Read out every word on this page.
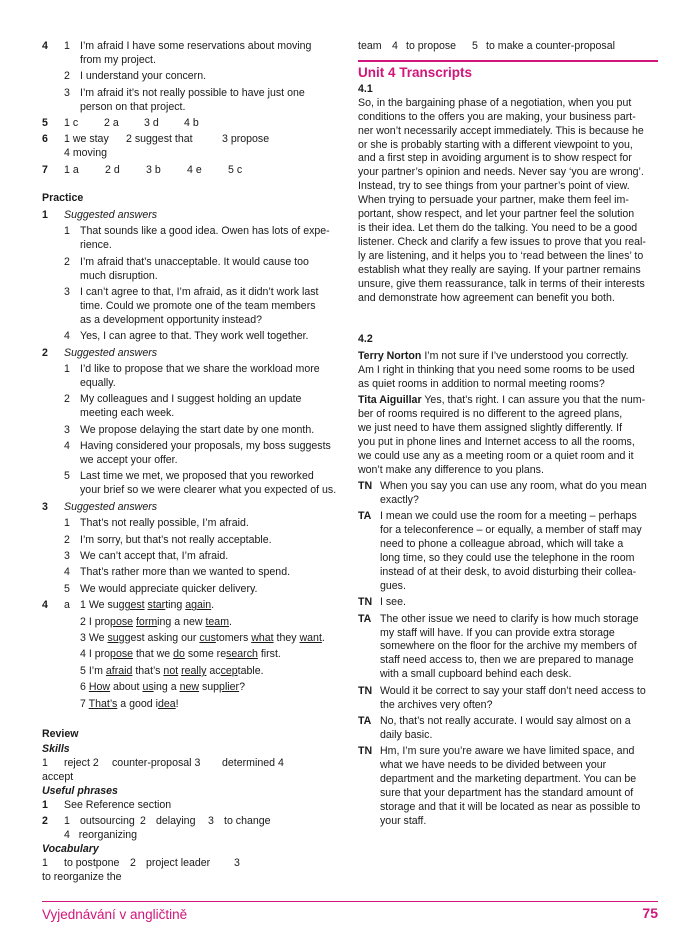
4	1 I’m afraid I have some reservations about moving
from my project.
2 I understand your concern.
3 I’m afraid it’s not really possible to have just one
person on that project.
5	1 c 2 a 3 d 4 b
6	1 we stay 2 suggest that	3 propose
4 moving
7	1 a 2 d 3 b 4 e 5 c
Practice
1	Suggested answers
1 That sounds like a good idea. Owen has lots of expe-
rience.
2 I’m afraid that’s unacceptable. It would cause too
much disruption.
3 I can’t agree to that, I’m afraid, as it didn’t work last
time. Could we promote one of the team members
as a development opportunity instead?
4 Yes, I can agree to that. They work well together.
2	Suggested answers
1 I’d like to propose that we share the workload more
equally.
2 My colleagues and I suggest holding an update
meeting each week.
3 We propose delaying the start date by one month.
4 Having considered your proposals, my boss suggests
we accept your offer.
5 Last time we met, we proposed that you reworked
your brief so we were clearer what you expected of us.
3	Suggested answers
1 That’s not really possible, I’m afraid.
2 I’m sorry, but that’s not really acceptable.
3 We can’t accept that, I’m afraid.
4 That’s rather more than we wanted to spend.
5 We would appreciate quicker delivery.
4	a 1 We suggest starting again.
2 I propose forming a new team.
3 We suggest asking our customers what they want.
4 I propose that we do some research first.
5 I’m afraid that’s not really acceptable.
6 How about using a new supplier?
7 That’s a good idea!
Review
Skills
1 reject 2 counter-proposal 3 determined 4accept
Useful phrases
1	See Reference section
2	1 outsourcing 2 delaying 3 to change
4   reorganizing
Vocabulary
1 to postpone 2 project leader 3to reorganize the
team 4 to propose 5 to make a counter-proposal
Unit 4 Transcripts
4.1
So, in the bargaining phase of a negotiation, when you put
conditions to the offers you are making, your business part-
ner won’t necessarily accept immediately. This is because he
or she is probably starting with a different viewpoint to you,
and a first step in avoiding argument is to show respect for
your partner’s opinion and needs. Never say ‘you are wrong’.
Instead, try to see things from your partner’s point of view.
When trying to persuade your partner, make them feel im-
portant, show respect, and let your partner feel the solution
is their idea. Let them do the talking. You need to be a good
listener. Check and clarify a few issues to prove that you real-
ly are listening, and it helps you to ‘read between the lines’ to
establish what they really are saying. If your partner remains
unsure, give them reassurance, talk in terms of their interests
and demonstrate how agreement can benefit you both.
4.2
Terry Norton I’m not sure if I’ve understood you correctly.
Am I right in thinking that you need some rooms to be used
as quiet rooms in addition to normal meeting rooms?
Tita Aiguillar Yes, that’s right. I can assure you that the num-
ber of rooms required is no different to the agreed plans,
we just need to have them assigned slightly differently. If
you put in phone lines and Internet access to all the rooms,
we could use any as a meeting room or a quiet room and it
won’t make any difference to you plans.
TN When you say you can use any room, what do you mean
exactly?
TA I mean we could use the room for a meeting – perhaps
for a teleconference – or equally, a member of staff may
need to phone a colleague abroad, which will take a
long time, so they could use the telephone in the room
instead of at their desk, to avoid disturbing their collea-
gues.
TN I see.
TA The other issue we need to clarify is how much storage
my staff will have. If you can provide extra storage
somewhere on the floor for the archive my members of
staff need access to, then we are prepared to manage
with a small cupboard behind each desk.
TN Would it be correct to say your staff don’t need access to
the archives very often?
TA No, that’s not really accurate. I would say almost on a
daily basic.
TN Hm, I’m sure you’re aware we have limited space, and
what we have needs to be divided between your
department and the marketing department. You can be
sure that your department has the standard amount of
storage and that it will be located as near as possible to
your staff.
Vyjednávání v angličtině	75
